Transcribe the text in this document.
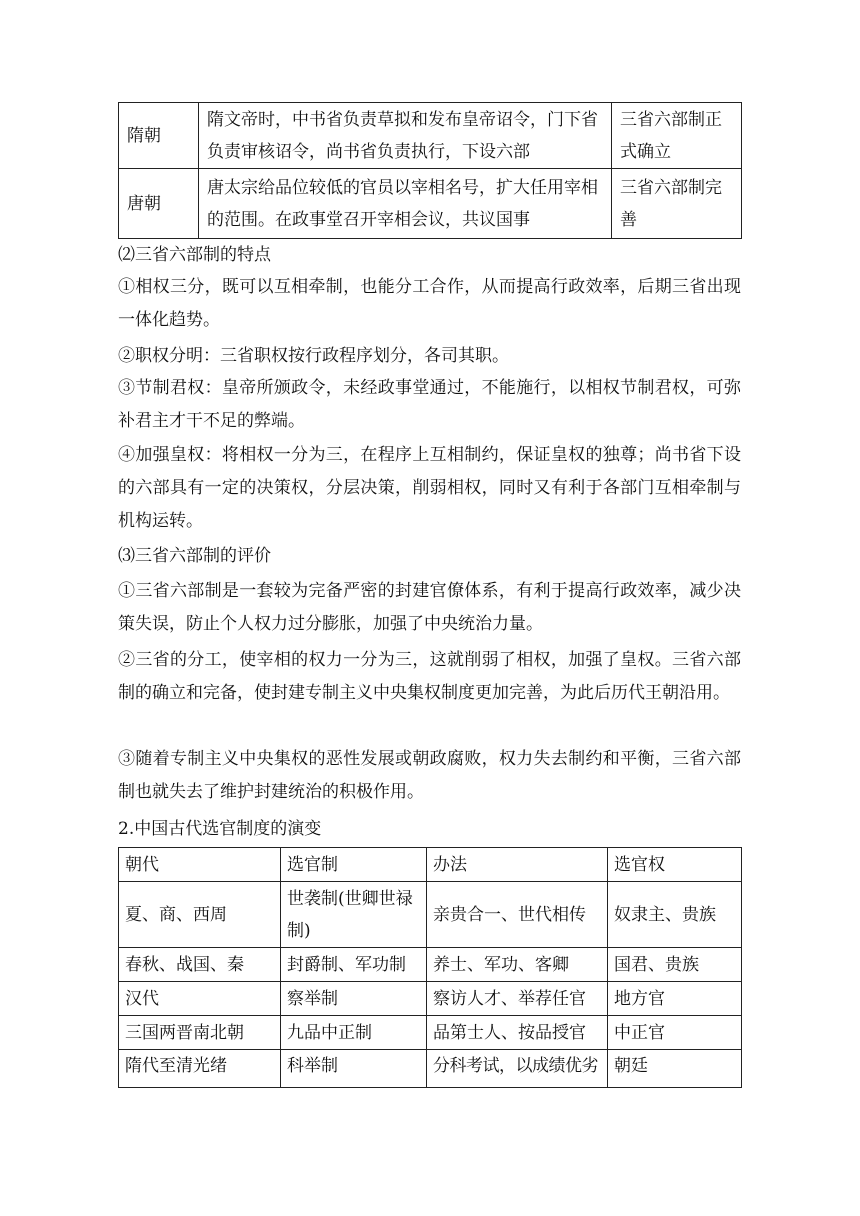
隋朝	隋文帝时，中书省负责草拟和发布皇帝诏令，门下省负责审核诏令，尚书省负责执行，下设六部	三省六部制正式确立
唐朝	唐太宗给品位较低的官员以宰相名号，扩大任用宰相的范围。在政事堂召开宰相会议，共议国事	三省六部制完善

⑵三省六部制的特点

①相权三分，既可以互相牵制，也能分工合作，从而提高行政效率，后期三省出现一体化趋势。

②职权分明：三省职权按行政程序划分，各司其职。

③节制君权：皇帝所颁政令，未经政事堂通过，不能施行，以相权节制君权，可弥补君主才干不足的弊端。

④加强皇权：将相权一分为三，在程序上互相制约，保证皇权的独尊；尚书省下设的六部具有一定的决策权，分层决策，削弱相权，同时又有利于各部门互相牵制与机构运转。

⑶三省六部制的评价

①三省六部制是一套较为完备严密的封建官僚体系，有利于提高行政效率，减少决策失误，防止个人权力过分膨胀，加强了中央统治力量。

②三省的分工，使宰相的权力一分为三，这就削弱了相权，加强了皇权。三省六部制的确立和完备，使封建专制主义中央集权制度更加完善，为此后历代王朝沿用。

③随着专制主义中央集权的恶性发展或朝政腐败，权力失去制约和平衡，三省六部制也就失去了维护封建统治的积极作用。

2.中国古代选官制度的演变

朝代	选官制	办法	选官权
夏、商、西周	世袭制(世卿世禄制)	亲贵合一、世代相传	奴隶主、贵族
春秋、战国、秦	封爵制、军功制	养士、军功、客卿	国君、贵族
汉代	察举制	察访人才、举荐任官	地方官
三国两晋南北朝	九品中正制	品第士人、按品授官	中正官
隋代至清光绪	科举制	分科考试，以成绩优劣	朝廷
